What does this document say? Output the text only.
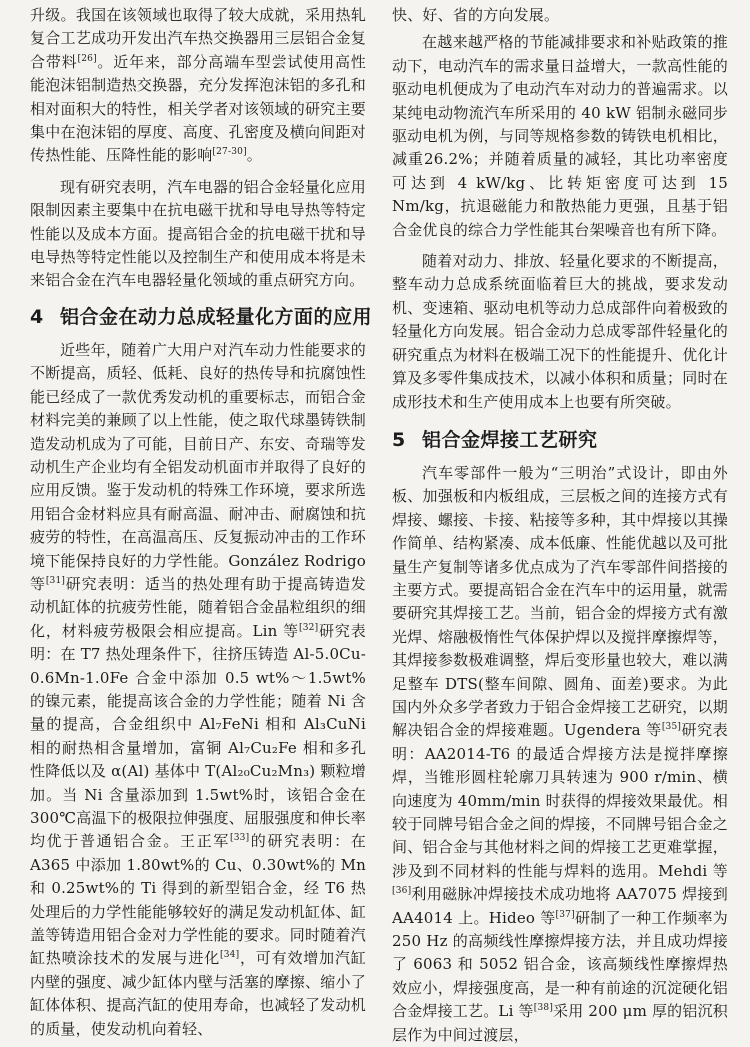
升级。我国在该领域也取得了较大成就，采用热轧复合工艺成功开发出汽车热交换器用三层铝合金复合带料[26]。近年来，部分高端车型尝试使用高性能泡沫铝制造热交换器，充分发挥泡沫铝的多孔和相对面积大的特性，相关学者对该领域的研究主要集中在泡沫铝的厚度、高度、孔密度及横向间距对传热性能、压降性能的影响[27-30]。

现有研究表明，汽车电器的铝合金轻量化应用限制因素主要集中在抗电磁干扰和导电导热等特定性能以及成本方面。提高铝合金的抗电磁干扰和导电导热等特定性能以及控制生产和使用成本将是未来铝合金在汽车电器轻量化领域的重点研究方向。

4 铝合金在动力总成轻量化方面的应用

近些年，随着广大用户对汽车动力性能要求的不断提高，质轻、低耗、良好的热传导和抗腐蚀性能已经成了一款优秀发动机的重要标志，而铝合金材料完美的兼顾了以上性能，使之取代球墨铸铁制造发动机成为了可能，目前日产、东安、奇瑞等发动机生产企业均有全铝发动机面市并取得了良好的应用反馈。鉴于发动机的特殊工作环境，要求所选用铝合金材料应具有耐高温、耐冲击、耐腐蚀和抗疲劳的特性，在高温高压、反复振动冲击的工作环境下能保持良好的力学性能。González Rodrigo 等[31]研究表明：适当的热处理有助于提高铸造发动机缸体的抗疲劳性能，随着铝合金晶粒组织的细化，材料疲劳极限会相应提高。Lin 等[32]研究表明：在 T7 热处理条件下，往挤压铸造 Al-5.0Cu-0.6Mn-1.0Fe 合金中添加 0.5 wt%～1.5wt%的镍元素，能提高该合金的力学性能；随着 Ni 含量的提高，合金组织中 Al₇FeNi 相和 Al₃CuNi 相的耐热相含量增加，富铜 Al₇Cu₂Fe 相和多孔性降低以及 α(Al) 基体中 T(Al₂₀Cu₂Mn₃) 颗粒增加。当 Ni 含量添加到 1.5wt%时，该铝合金在 300℃高温下的极限拉伸强度、屈服强度和伸长率均优于普通铝合金。王正军[33]的研究表明：在 A365 中添加 1.80wt%的 Cu、0.30wt%的 Mn 和 0.25wt%的 Ti 得到的新型铝合金，经 T6 热处理后的力学性能能够较好的满足发动机缸体、缸盖等铸造用铝合金对力学性能的要求。同时随着汽缸热喷涂技术的发展与进化[34]，可有效增加汽缸内壁的强度、减少缸体内壁与活塞的摩擦、缩小了缸体体积、提高汽缸的使用寿命，也减轻了发动机的质量，使发动机向着轻、

快、好、省的方向发展。

在越来越严格的节能减排要求和补贴政策的推动下，电动汽车的需求量日益增大，一款高性能的驱动电机便成为了电动汽车对动力的普遍需求。以某纯电动物流汽车所采用的 40 kW 铝制永磁同步驱动电机为例，与同等规格参数的铸铁电机相比，减重26.2%；并随着质量的减轻，其比功率密度可达到 4 kW/kg、比转矩密度可达到 15 Nm/kg，抗退磁能力和散热能力更强，且基于铝合金优良的综合力学性能其台架噪音也有所下降。

随着对动力、排放、轻量化要求的不断提高，整车动力总成系统面临着巨大的挑战，要求发动机、变速箱、驱动电机等动力总成部件向着极致的轻量化方向发展。铝合金动力总成零部件轻量化的研究重点为材料在极端工况下的性能提升、优化计算及多零件集成技术，以减小体积和质量；同时在成形技术和生产使用成本上也要有所突破。

5 铝合金焊接工艺研究

汽车零部件一般为“三明治”式设计，即由外板、加强板和内板组成，三层板之间的连接方式有焊接、螺接、卡接、粘接等多种，其中焊接以其操作简单、结构紧凑、成本低廉、性能优越以及可批量生产复制等诸多优点成为了汽车零部件间搭接的主要方式。要提高铝合金在汽车中的运用量，就需要研究其焊接工艺。当前，铝合金的焊接方式有激光焊、熔融极惰性气体保护焊以及搅拌摩擦焊等，其焊接参数极难调整，焊后变形量也较大，难以满足整车 DTS(整车间隙、圆角、面差)要求。为此国内外众多学者致力于铝合金焊接工艺研究，以期解决铝合金的焊接难题。Ugendera 等[35]研究表明：AA2014-T6 的最适合焊接方法是搅拌摩擦焊，当锥形圆柱轮廓刀具转速为 900 r/min、横向速度为 40mm/min 时获得的焊接效果最优。相较于同牌号铝合金之间的焊接，不同牌号铝合金之间、铝合金与其他材料之间的焊接工艺更难掌握，涉及到不同材料的性能与焊料的选用。Mehdi 等[36]利用磁脉冲焊接技术成功地将 AA7075 焊接到 AA4014 上。Hideo 等[37]研制了一种工作频率为 250 Hz 的高频线性摩擦焊接方法，并且成功焊接了 6063 和 5052 铝合金，该高频线性摩擦焊热效应小，焊接强度高，是一种有前途的沉淀硬化铝合金焊接工艺。Li 等[38]采用 200 μm 厚的铝沉积层作为中间过渡层，
